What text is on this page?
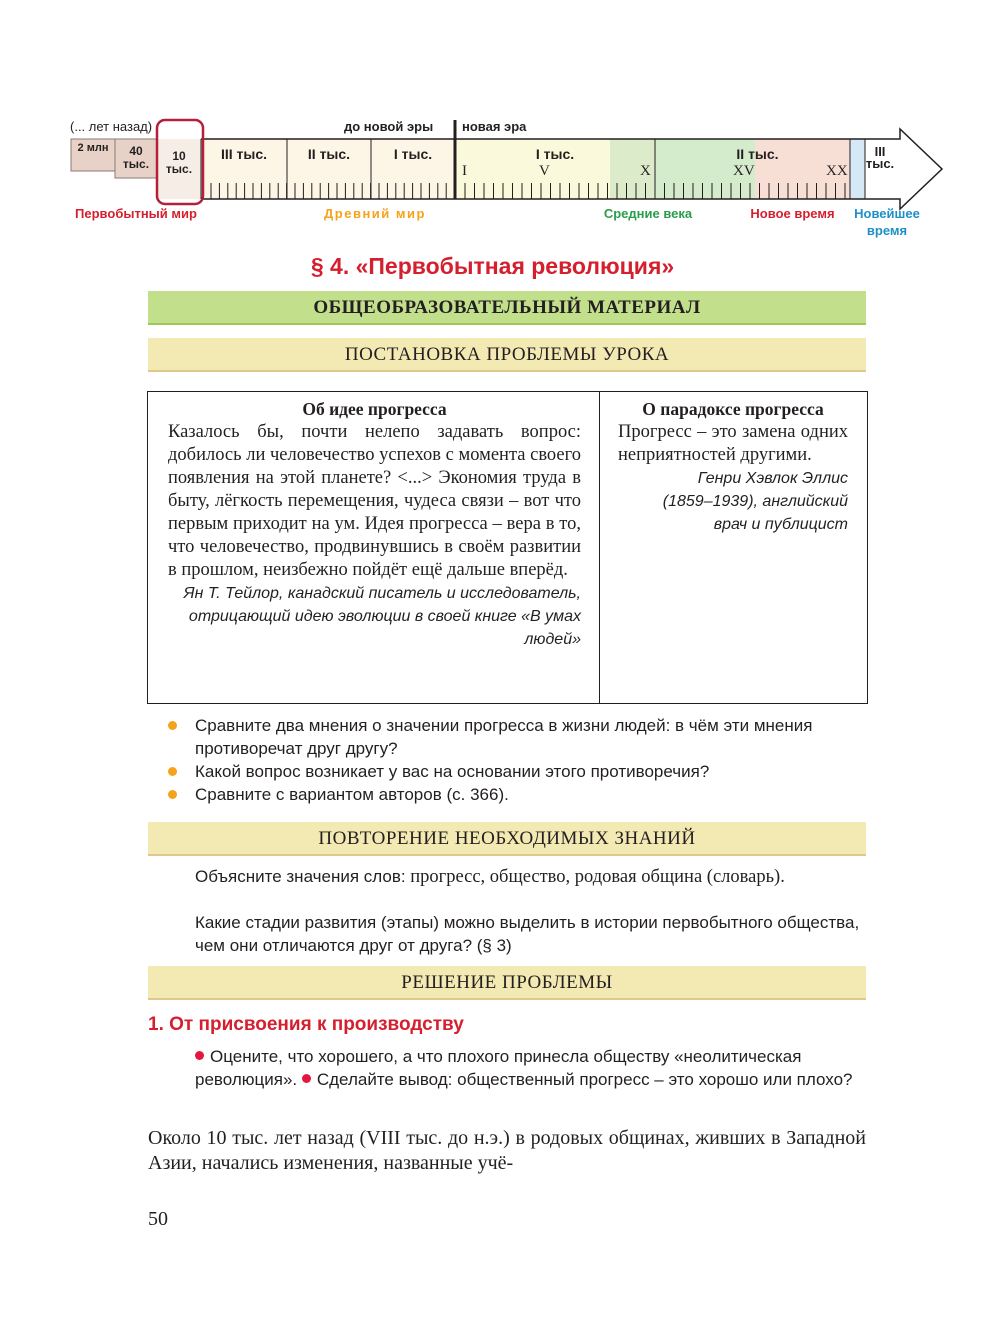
(... лет назад)	до новой эры новая эра
2 млн	40 тыс.
10 тыс.
III тыс.	II тыс.	I тыс.	I тыс.	II тыс.	III тыс.
I	V	X	XV	XX
Первобытный мир	Древний мир	Средние века	Новое время	Новейшее время
§ 4. «Первобытная революция»
ОБЩЕОБРАЗОВАТЕЛЬНЫЙ МАТЕРИАЛ
ПОСТАНОВКА ПРОБЛЕМЫ УРОКА
Об идее прогресса
Казалось бы, почти нелепо задавать вопрос: добилось ли человечество успехов с момента своего появления на этой планете? <...> Экономия труда в быту, лёгкость перемещения, чудеса связи – вот что первым приходит на ум. Идея прогресса – вера в то, что человечество, продвинувшись в своём развитии в прошлом, неизбежно пойдёт ещё дальше вперёд.
Ян Т. Тейлор, канадский писатель и исследователь, отрицающий идею эволюции в своей книге «В умах людей»
О парадоксе прогресса
Прогресс – это замена одних неприятностей другими.
Генри Хэвлок Эллис (1859–1939), английский врач и публицист
Сравните два мнения о значении прогресса в жизни людей: в чём эти мнения противоречат друг другу?
Какой вопрос возникает у вас на основании этого противоречия?
Сравните с вариантом авторов (с. 366).
ПОВТОРЕНИЕ НЕОБХОДИМЫХ ЗНАНИЙ
Объясните значения слов: прогресс, общество, родовая община (словарь).
Какие стадии развития (этапы) можно выделить в истории первобытного общества, чем они отличаются друг от друга? (§ 3)
РЕШЕНИЕ ПРОБЛЕМЫ
1. От присвоения к производству
Оцените, что хорошего, а что плохого принесла обществу «неолитическая революция». Сделайте вывод: общественный прогресс – это хорошо или плохо?
Около 10 тыс. лет назад (VIII тыс. до н.э.) в родовых общинах, живших в Западной Азии, начались изменения, названные учё-
50
